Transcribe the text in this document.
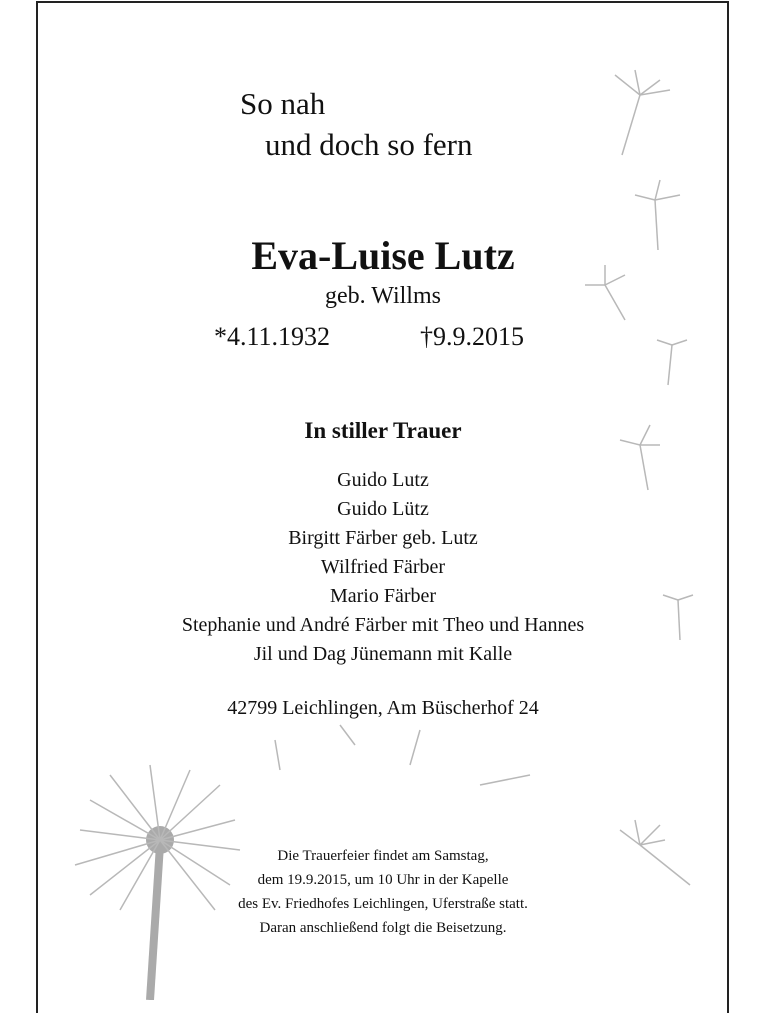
So nah
und doch so fern
Eva-Luise Lutz
geb. Willms
*4.11.1932	†9.9.2015
In stiller Trauer
Guido Lutz
Guido Lütz
Birgitt Färber geb. Lutz
Wilfried Färber
Mario Färber
Stephanie und André Färber mit Theo und Hannes
Jil und Dag Jünemann mit Kalle
42799 Leichlingen, Am Büscherhof 24
Die Trauerfeier findet am Samstag,
dem 19.9.2015, um 10 Uhr in der Kapelle
des Ev. Friedhofes Leichlingen, Uferstraße statt.
Daran anschließend folgt die Beisetzung.
